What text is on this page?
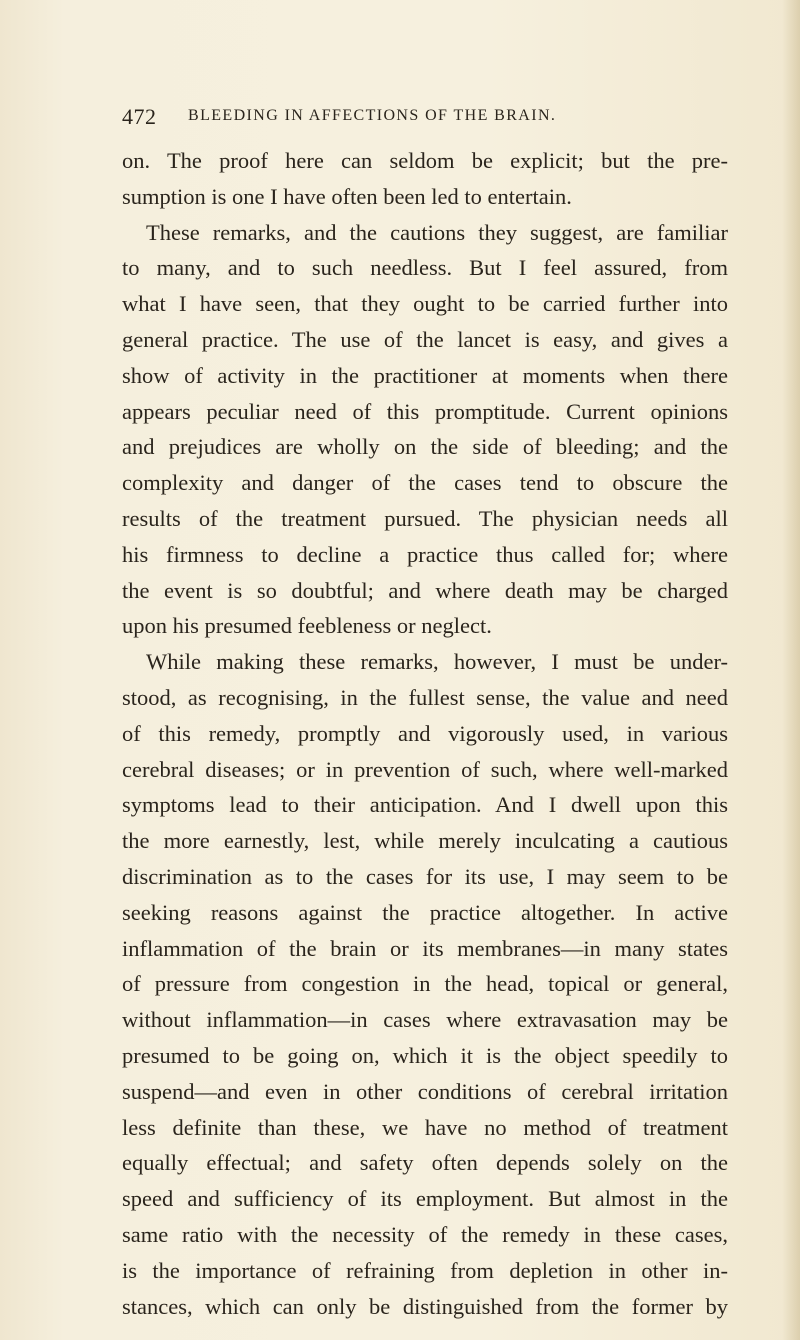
472 BLEEDING IN AFFECTIONS OF THE BRAIN.
on. The proof here can seldom be explicit; but the pre-
sumption is one I have often been led to entertain.
These remarks, and the cautions they suggest, are familiar
to many, and to such needless. But I feel assured, from
what I have seen, that they ought to be carried further into
general practice. The use of the lancet is easy, and gives a
show of activity in the practitioner at moments when there
appears peculiar need of this promptitude. Current opinions
and prejudices are wholly on the side of bleeding; and the
complexity and danger of the cases tend to obscure the
results of the treatment pursued. The physician needs all
his firmness to decline a practice thus called for; where
the event is so doubtful; and where death may be charged
upon his presumed feebleness or neglect.
While making these remarks, however, I must be under-
stood, as recognising, in the fullest sense, the value and need
of this remedy, promptly and vigorously used, in various
cerebral diseases; or in prevention of such, where well-marked
symptoms lead to their anticipation. And I dwell upon this
the more earnestly, lest, while merely inculcating a cautious
discrimination as to the cases for its use, I may seem to be
seeking reasons against the practice altogether. In active
inflammation of the brain or its membranes—in many states
of pressure from congestion in the head, topical or general,
without inflammation—in cases where extravasation may be
presumed to be going on, which it is the object speedily to
suspend—and even in other conditions of cerebral irritation
less definite than these, we have no method of treatment
equally effectual; and safety often depends solely on the
speed and sufficiency of its employment. But almost in the
same ratio with the necessity of the remedy in these cases,
is the importance of refraining from depletion in other in-
stances, which can only be distinguished from the former by
